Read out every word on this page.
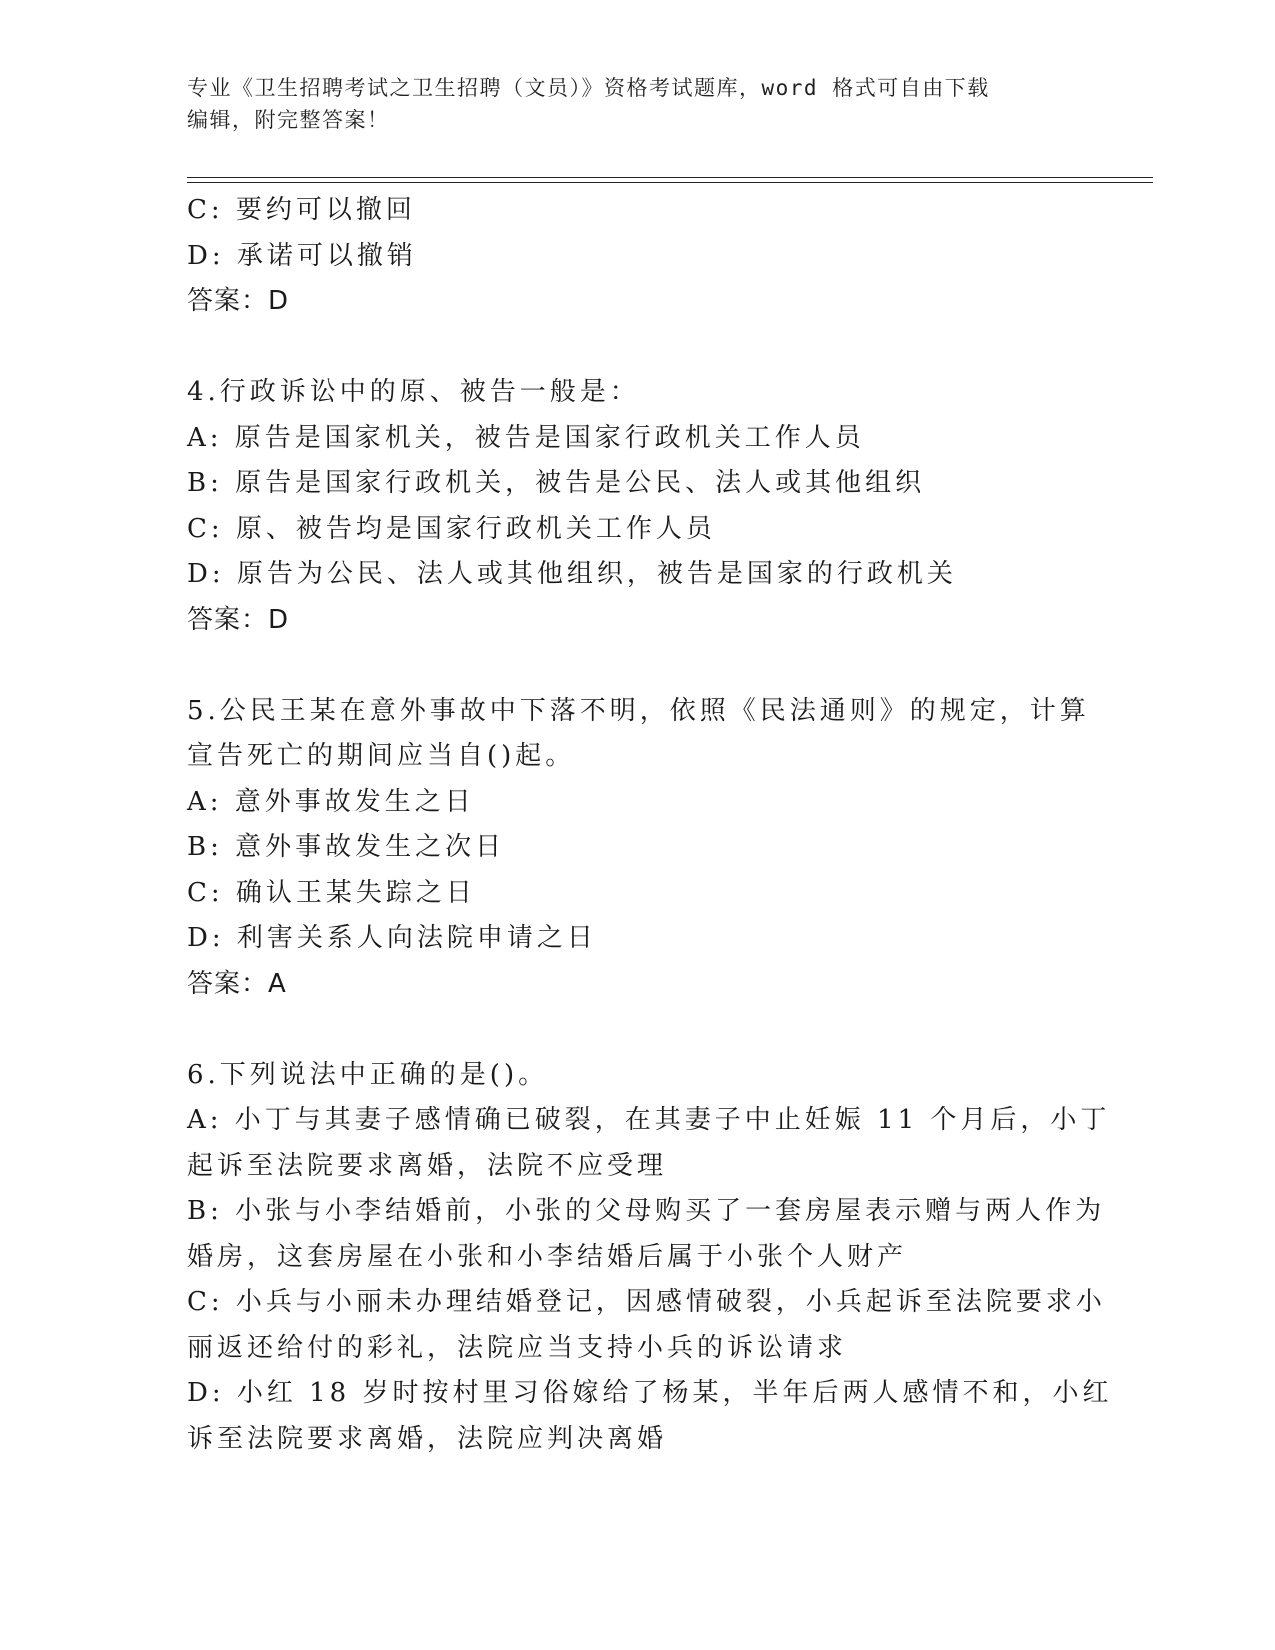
专业《卫生招聘考试之卫生招聘（文员）》资格考试题库，word 格式可自由下载
编辑，附完整答案！
C: 要约可以撤回
D: 承诺可以撤销
答案：D
4.行政诉讼中的原、被告一般是：
A: 原告是国家机关，被告是国家行政机关工作人员
B: 原告是国家行政机关，被告是公民、法人或其他组织
C: 原、被告均是国家行政机关工作人员
D: 原告为公民、法人或其他组织，被告是国家的行政机关
答案：D
5.公民王某在意外事故中下落不明，依照《民法通则》的规定，计算
宣告死亡的期间应当自()起。
A: 意外事故发生之日
B: 意外事故发生之次日
C: 确认王某失踪之日
D: 利害关系人向法院申请之日
答案：A
6.下列说法中正确的是()。
A: 小丁与其妻子感情确已破裂，在其妻子中止妊娠 11 个月后，小丁
起诉至法院要求离婚，法院不应受理
B: 小张与小李结婚前，小张的父母购买了一套房屋表示赠与两人作为
婚房，这套房屋在小张和小李结婚后属于小张个人财产
C: 小兵与小丽未办理结婚登记，因感情破裂，小兵起诉至法院要求小
丽返还给付的彩礼，法院应当支持小兵的诉讼请求
D: 小红 18 岁时按村里习俗嫁给了杨某，半年后两人感情不和，小红
诉至法院要求离婚，法院应判决离婚
